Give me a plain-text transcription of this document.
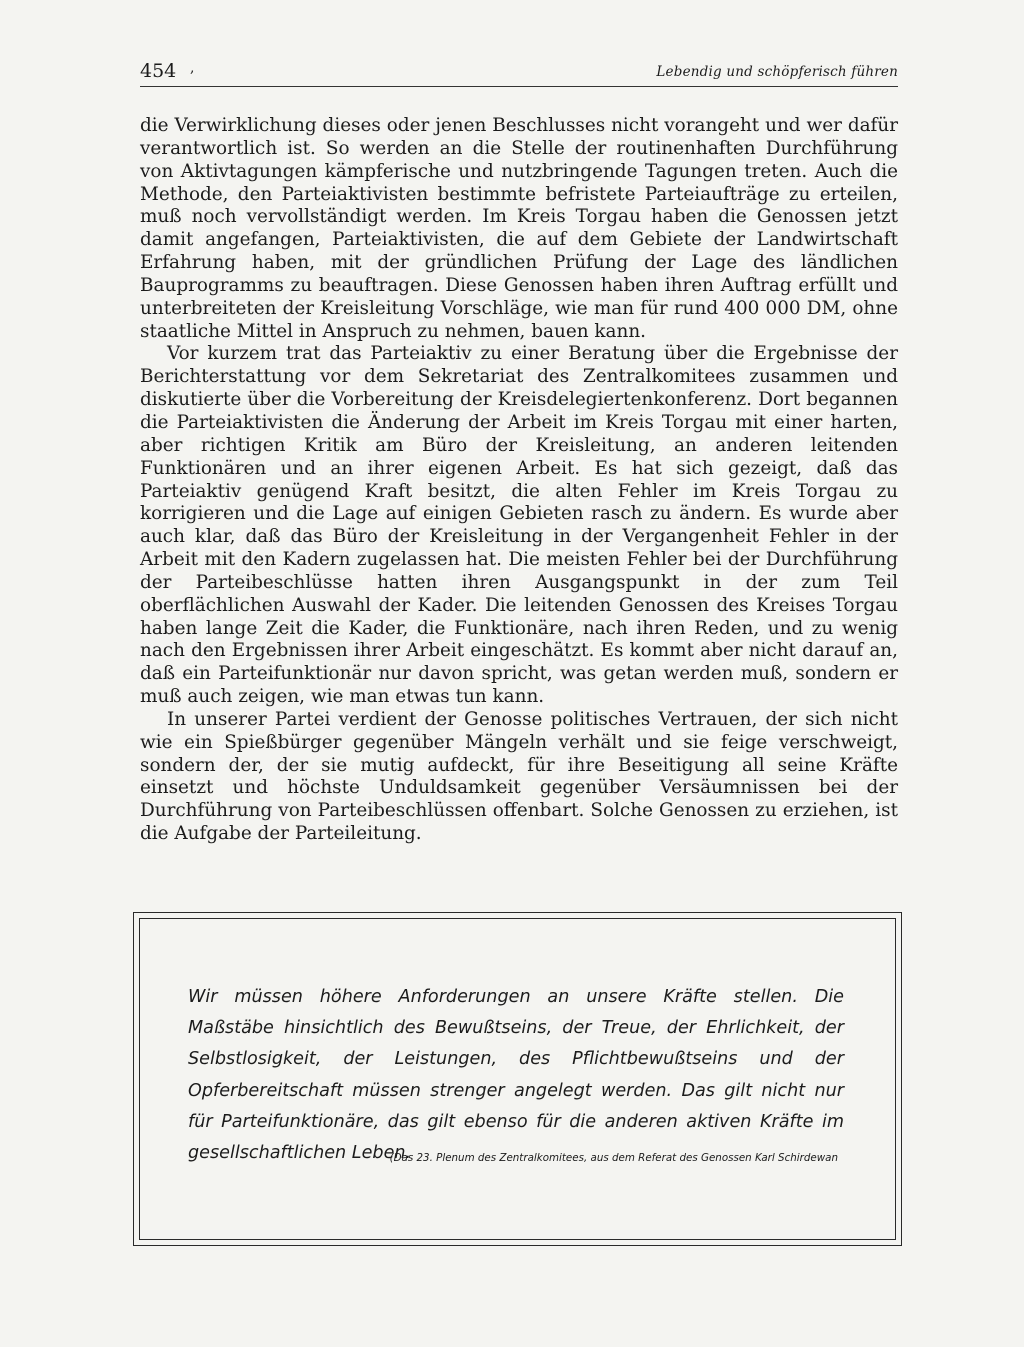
454 ,	Lebendig und schöpferisch führen

die Verwirklichung dieses oder jenen Beschlusses nicht vorangeht und wer dafür verantwortlich ist. So werden an die Stelle der routinenhaften Durchführung von Aktivtagungen kämpferische und nutzbringende Tagungen treten. Auch die Methode, den Parteiaktivisten bestimmte befristete Parteiaufträge zu erteilen, muß noch vervollständigt werden. Im Kreis Torgau haben die Genossen jetzt damit angefangen, Parteiaktivisten, die auf dem Gebiete der Landwirtschaft Erfahrung haben, mit der gründlichen Prüfung der Lage des ländlichen Bauprogramms zu beauftragen. Diese Genossen haben ihren Auftrag erfüllt und unterbreiteten der Kreisleitung Vorschläge, wie man für rund 400 000 DM, ohne staatliche Mittel in Anspruch zu nehmen, bauen kann.

Vor kurzem trat das Parteiaktiv zu einer Beratung über die Ergebnisse der Berichterstattung vor dem Sekretariat des Zentralkomitees zusammen und diskutierte über die Vorbereitung der Kreisdelegiertenkonferenz. Dort begannen die Parteiaktivisten die Änderung der Arbeit im Kreis Torgau mit einer harten, aber richtigen Kritik am Büro der Kreisleitung, an anderen leitenden Funktionären und an ihrer eigenen Arbeit. Es hat sich gezeigt, daß das Parteiaktiv genügend Kraft besitzt, die alten Fehler im Kreis Torgau zu korrigieren und die Lage auf einigen Gebieten rasch zu ändern. Es wurde aber auch klar, daß das Büro der Kreisleitung in der Vergangenheit Fehler in der Arbeit mit den Kadern zugelassen hat. Die meisten Fehler bei der Durchführung der Parteibeschlüsse hatten ihren Ausgangspunkt in der zum Teil oberflächlichen Auswahl der Kader. Die leitenden Genossen des Kreises Torgau haben lange Zeit die Kader, die Funktionäre, nach ihren Reden, und zu wenig nach den Ergebnissen ihrer Arbeit eingeschätzt. Es kommt aber nicht darauf an, daß ein Parteifunktionär nur davon spricht, was getan werden muß, sondern er muß auch zeigen, wie man etwas tun kann.

In unserer Partei verdient der Genosse politisches Vertrauen, der sich nicht wie ein Spießbürger gegenüber Mängeln verhält und sie feige verschweigt, sondern der, der sie mutig aufdeckt, für ihre Beseitigung all seine Kräfte einsetzt und höchste Unduldsamkeit gegenüber Versäumnissen bei der Durchführung von Parteibeschlüssen offenbart. Solche Genossen zu erziehen, ist die Aufgabe der Parteileitung.

Wir müssen höhere Anforderungen an unsere Kräfte stellen. Die Maßstäbe hinsichtlich des Bewußtseins, der Treue, der Ehrlichkeit, der Selbstlosigkeit, der Leistungen, des Pflichtbewußtseins und der Opferbereitschaft müssen strenger angelegt werden. Das gilt nicht nur für Parteifunktionäre, das gilt ebenso für die anderen aktiven Kräfte im gesellschaftlichen Leben.

(Das 23. Plenum des Zentralkomitees, aus dem Referat des Genossen Karl Schirdewan
